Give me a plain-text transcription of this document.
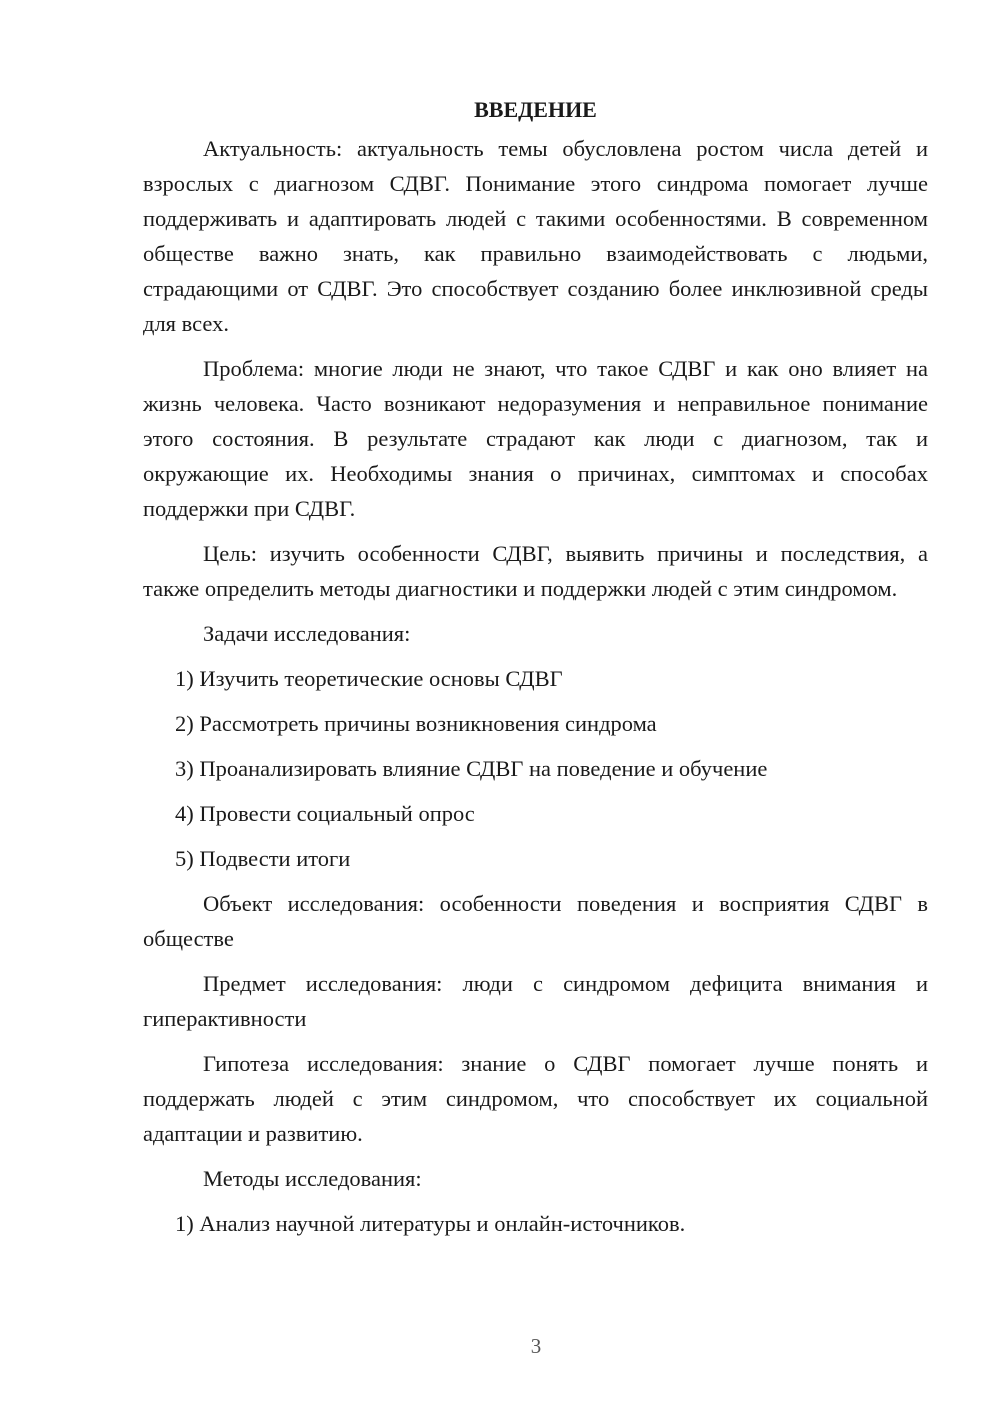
ВВЕДЕНИЕ

Актуальность: актуальность темы обусловлена ростом числа детей и взрослых с диагнозом СДВГ. Понимание этого синдрома помогает лучше поддерживать и адаптировать людей с такими особенностями. В современном обществе важно знать, как правильно взаимодействовать с людьми, страдающими от СДВГ. Это способствует созданию более инклюзивной среды для всех.

Проблема: многие люди не знают, что такое СДВГ и как оно влияет на жизнь человека. Часто возникают недоразумения и неправильное понимание этого состояния. В результате страдают как люди с диагнозом, так и окружающие их. Необходимы знания о причинах, симптомах и способах поддержки при СДВГ.

Цель: изучить особенности СДВГ, выявить причины и последствия, а также определить методы диагностики и поддержки людей с этим синдромом.

Задачи исследования:

1) Изучить теоретические основы СДВГ
2) Рассмотреть причины возникновения синдрома
3) Проанализировать влияние СДВГ на поведение и обучение
4) Провести социальный опрос
5) Подвести итоги

Объект исследования: особенности поведения и восприятия СДВГ в обществе

Предмет исследования: люди с синдромом дефицита внимания и гиперактивности

Гипотеза исследования: знание о СДВГ помогает лучше понять и поддержать людей с этим синдромом, что способствует их социальной адаптации и развитию.

Методы исследования:

1) Анализ научной литературы и онлайн-источников.
3
